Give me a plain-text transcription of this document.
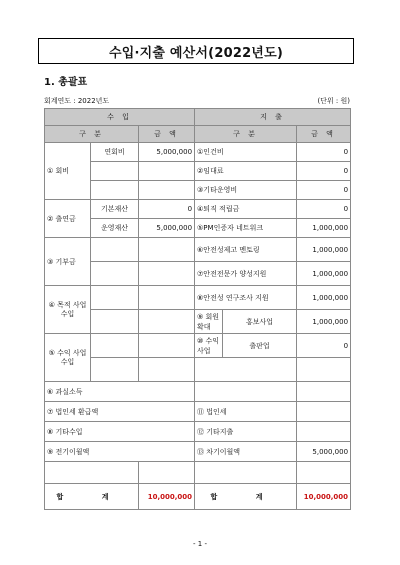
수입·지출 예산서(2022년도)
1. 총괄표
회계연도 : 2022년도	(단위 : 원)
수 입			지 출		
구 분		금 액	구 분		금 액
① 회비	연회비	5,000,000	①인건비		0
			②임대료		0
			③기타운영비		0
② 출연금	기본재산	0	④퇴직 적립금		0
	운영재산	5,000,000	⑤PM인증자 네트워크		1,000,000
③ 기부금			⑥안전성제고 멘토링		1,000,000
			⑦안전전문가 양성지원		1,000,000
④ 목적 사업 수입			⑧안전성 연구조사 지원		1,000,000
			⑨ 회원확대	홍보사업	1,000,000
⑤ 수익 사업 수입			⑩ 수익사업	출판업	0

⑥ 과실소득					
⑦ 법인세 환급액			⑪ 법인세		
⑧ 기타수입			⑫ 기타지출		
⑨ 전기이월액			⑬ 차기이월액		5,000,000

합 계		10,000,000	합 계		10,000,000
- 1 -
